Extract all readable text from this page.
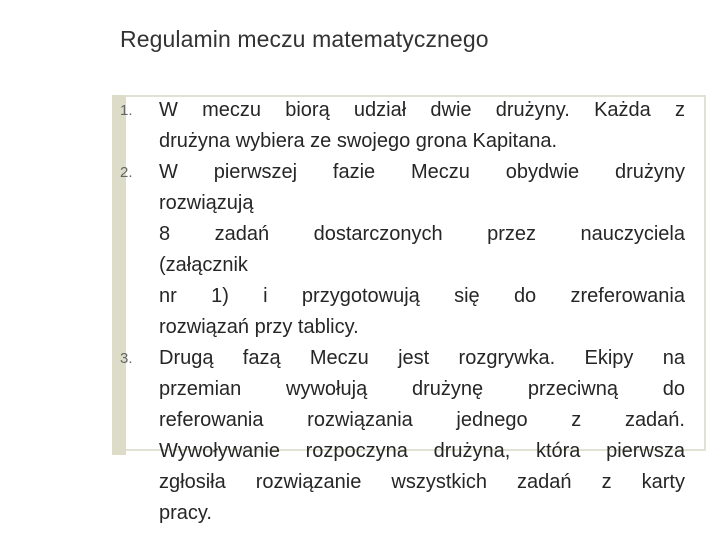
Regulamin meczu matematycznego
1.	W meczu biorą udział dwie drużyny. Każda z
drużyna wybiera ze swojego grona Kapitana.
2.	W pierwszej fazie Meczu obydwie drużyny
rozwiązują
8 zadań dostarczonych przez nauczyciela
(załącznik
nr 1) i przygotowują się do zreferowania
rozwiązań przy tablicy.
3.	Drugą fazą Meczu jest rozgrywka. Ekipy na
przemian wywołują drużynę przeciwną do
referowania rozwiązania jednego z zadań.
Wywoływanie rozpoczyna drużyna, która pierwsza
zgłosiła rozwiązanie wszystkich zadań z karty
pracy.
